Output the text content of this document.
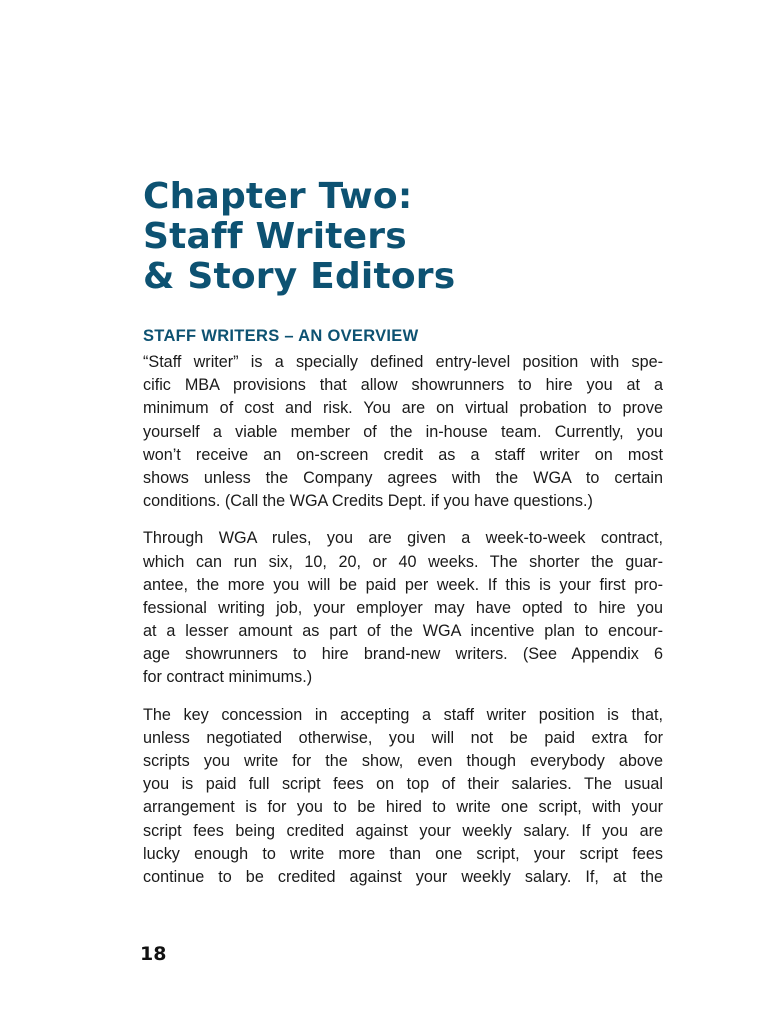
Chapter Two:
Staff Writers
& Story Editors
STAFF WRITERS – AN OVERVIEW

“Staff writer” is a specially defined entry-level position with spe-
cific MBA provisions that allow showrunners to hire you at a
minimum of cost and risk. You are on virtual probation to prove
yourself a viable member of the in-house team. Currently, you
won’t receive an on-screen credit as a staff writer on most
shows unless the Company agrees with the WGA to certain
conditions. (Call the WGA Credits Dept. if you have questions.)

Through WGA rules, you are given a week-to-week contract,
which can run six, 10, 20, or 40 weeks. The shorter the guar-
antee, the more you will be paid per week. If this is your first pro-
fessional writing job, your employer may have opted to hire you
at a lesser amount as part of the WGA incentive plan to encour-
age showrunners to hire brand-new writers. (See Appendix 6
for contract minimums.)

The key concession in accepting a staff writer position is that,
unless negotiated otherwise, you will not be paid extra for
scripts you write for the show, even though everybody above
you is paid full script fees on top of their salaries. The usual
arrangement is for you to be hired to write one script, with your
script fees being credited against your weekly salary. If you are
lucky enough to write more than one script, your script fees
continue to be credited against your weekly salary. If, at the

18
